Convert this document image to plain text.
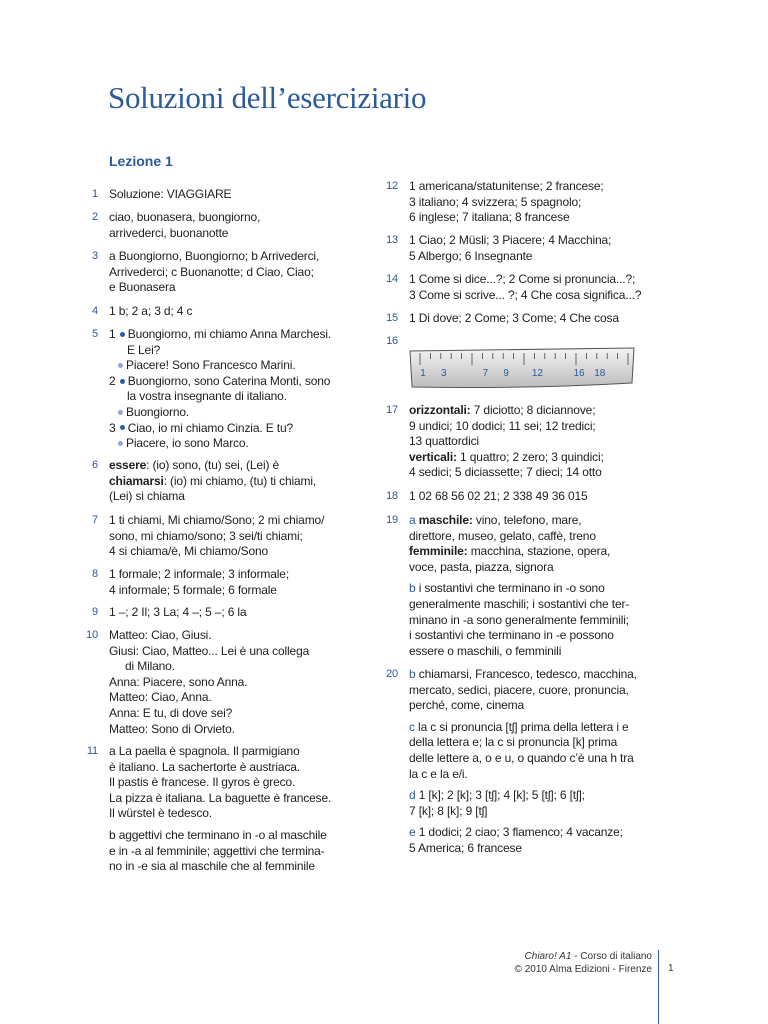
Soluzioni dell’eserciziario
Lezione 1
1 Soluzione: VIAGGIARE
2 ciao, buonasera, buongiorno,
arrivederci, buonanotte
3 a Buongiorno, Buongiorno; b Arrivederci,
Arrivederci; c Buonanotte; d Ciao, Ciao;
e Buonasera
4 1 b; 2 a; 3 d; 4 c
5 1 Buongiorno, mi chiamo Anna Marchesi.
E Lei?
Piacere! Sono Francesco Marini.
2 Buongiorno, sono Caterina Monti, sono
la vostra insegnante di italiano.
Buongiorno.
3 Ciao, io mi chiamo Cinzia. E tu?
Piacere, io sono Marco.
6 essere: (io) sono, (tu) sei, (Lei) è
chiamarsi: (io) mi chiamo, (tu) ti chiami,
(Lei) si chiama
7 1 ti chiami, Mi chiamo/Sono; 2 mi chiamo/
sono, mi chiamo/sono; 3 sei/ti chiami;
4 si chiama/è, Mi chiamo/Sono
8 1 formale; 2 informale; 3 informale;
4 informale; 5 formale; 6 formale
9 1 –; 2 Il; 3 La; 4 –; 5 –; 6 la
10 Matteo: Ciao, Giusi.
Giusi: Ciao, Matteo... Lei è una collega
di Milano.
Anna: Piacere, sono Anna.
Matteo: Ciao, Anna.
Anna: E tu, di dove sei?
Matteo: Sono di Orvieto.
11 a La paella è spagnola. Il parmigiano
è italiano. La sachertorte è austriaca.
Il pastis è francese. Il gyros è greco.
La pizza è italiana. La baguette è francese.
Il würstel è tedesco.
b aggettivi che terminano in -o al maschile
e in -a al femminile; aggettivi che termina-
no in -e sia al maschile che al femminile
12 1 americana/statunitense; 2 francese;
3 italiano; 4 svizzera; 5 spagnolo;
6 inglese; 7 italiana; 8 francese
13 1 Ciao; 2 Müsli; 3 Piacere; 4 Macchina;
5 Albergo; 6 Insegnante
14 1 Come si dice...?; 2 Come si pronuncia...?;
3 Come si scrive... ?; 4 Che cosa significa...?
15 1 Di dove; 2 Come; 3 Come; 4 Che cosa
16
1 3	7 9 12	16 18
17 orizzontali: 7 diciotto; 8 diciannove;
9 undici; 10 dodici; 11 sei; 12 tredici;
13 quattordici
verticali: 1 quattro; 2 zero; 3 quindici;
4 sedici; 5 diciassette; 7 dieci; 14 otto
18 1 02 68 56 02 21; 2 338 49 36 015
19 a maschile: vino, telefono, mare,
direttore, museo, gelato, caffè, treno
femminile: macchina, stazione, opera,
voce, pasta, piazza, signora
b i sostantivi che terminano in -o sono
generalmente maschili; i sostantivi che ter-
minano in -a sono generalmente femminili;
i sostantivi che terminano in -e possono
essere o maschili, o femminili
20 b chiamarsi, Francesco, tedesco, macchina,
mercato, sedici, piacere, cuore, pronuncia,
perché, come, cinema
c la c si pronuncia [tʃ] prima della lettera i e
della lettera e; la c si pronuncia [k] prima
delle lettere a, o e u, o quando c’è una h tra
la c e la e/i.
d 1 [k]; 2 [k]; 3 [tʃ]; 4 [k]; 5 [tʃ]; 6 [tʃ];
7 [k]; 8 [k]; 9 [tʃ]
e 1 dodici; 2 ciao; 3 flamenco; 4 vacanze;
5 America; 6 francese
Chiaro! A1 - Corso di italiano
© 2010 Alma Edizioni - Firenze 1
